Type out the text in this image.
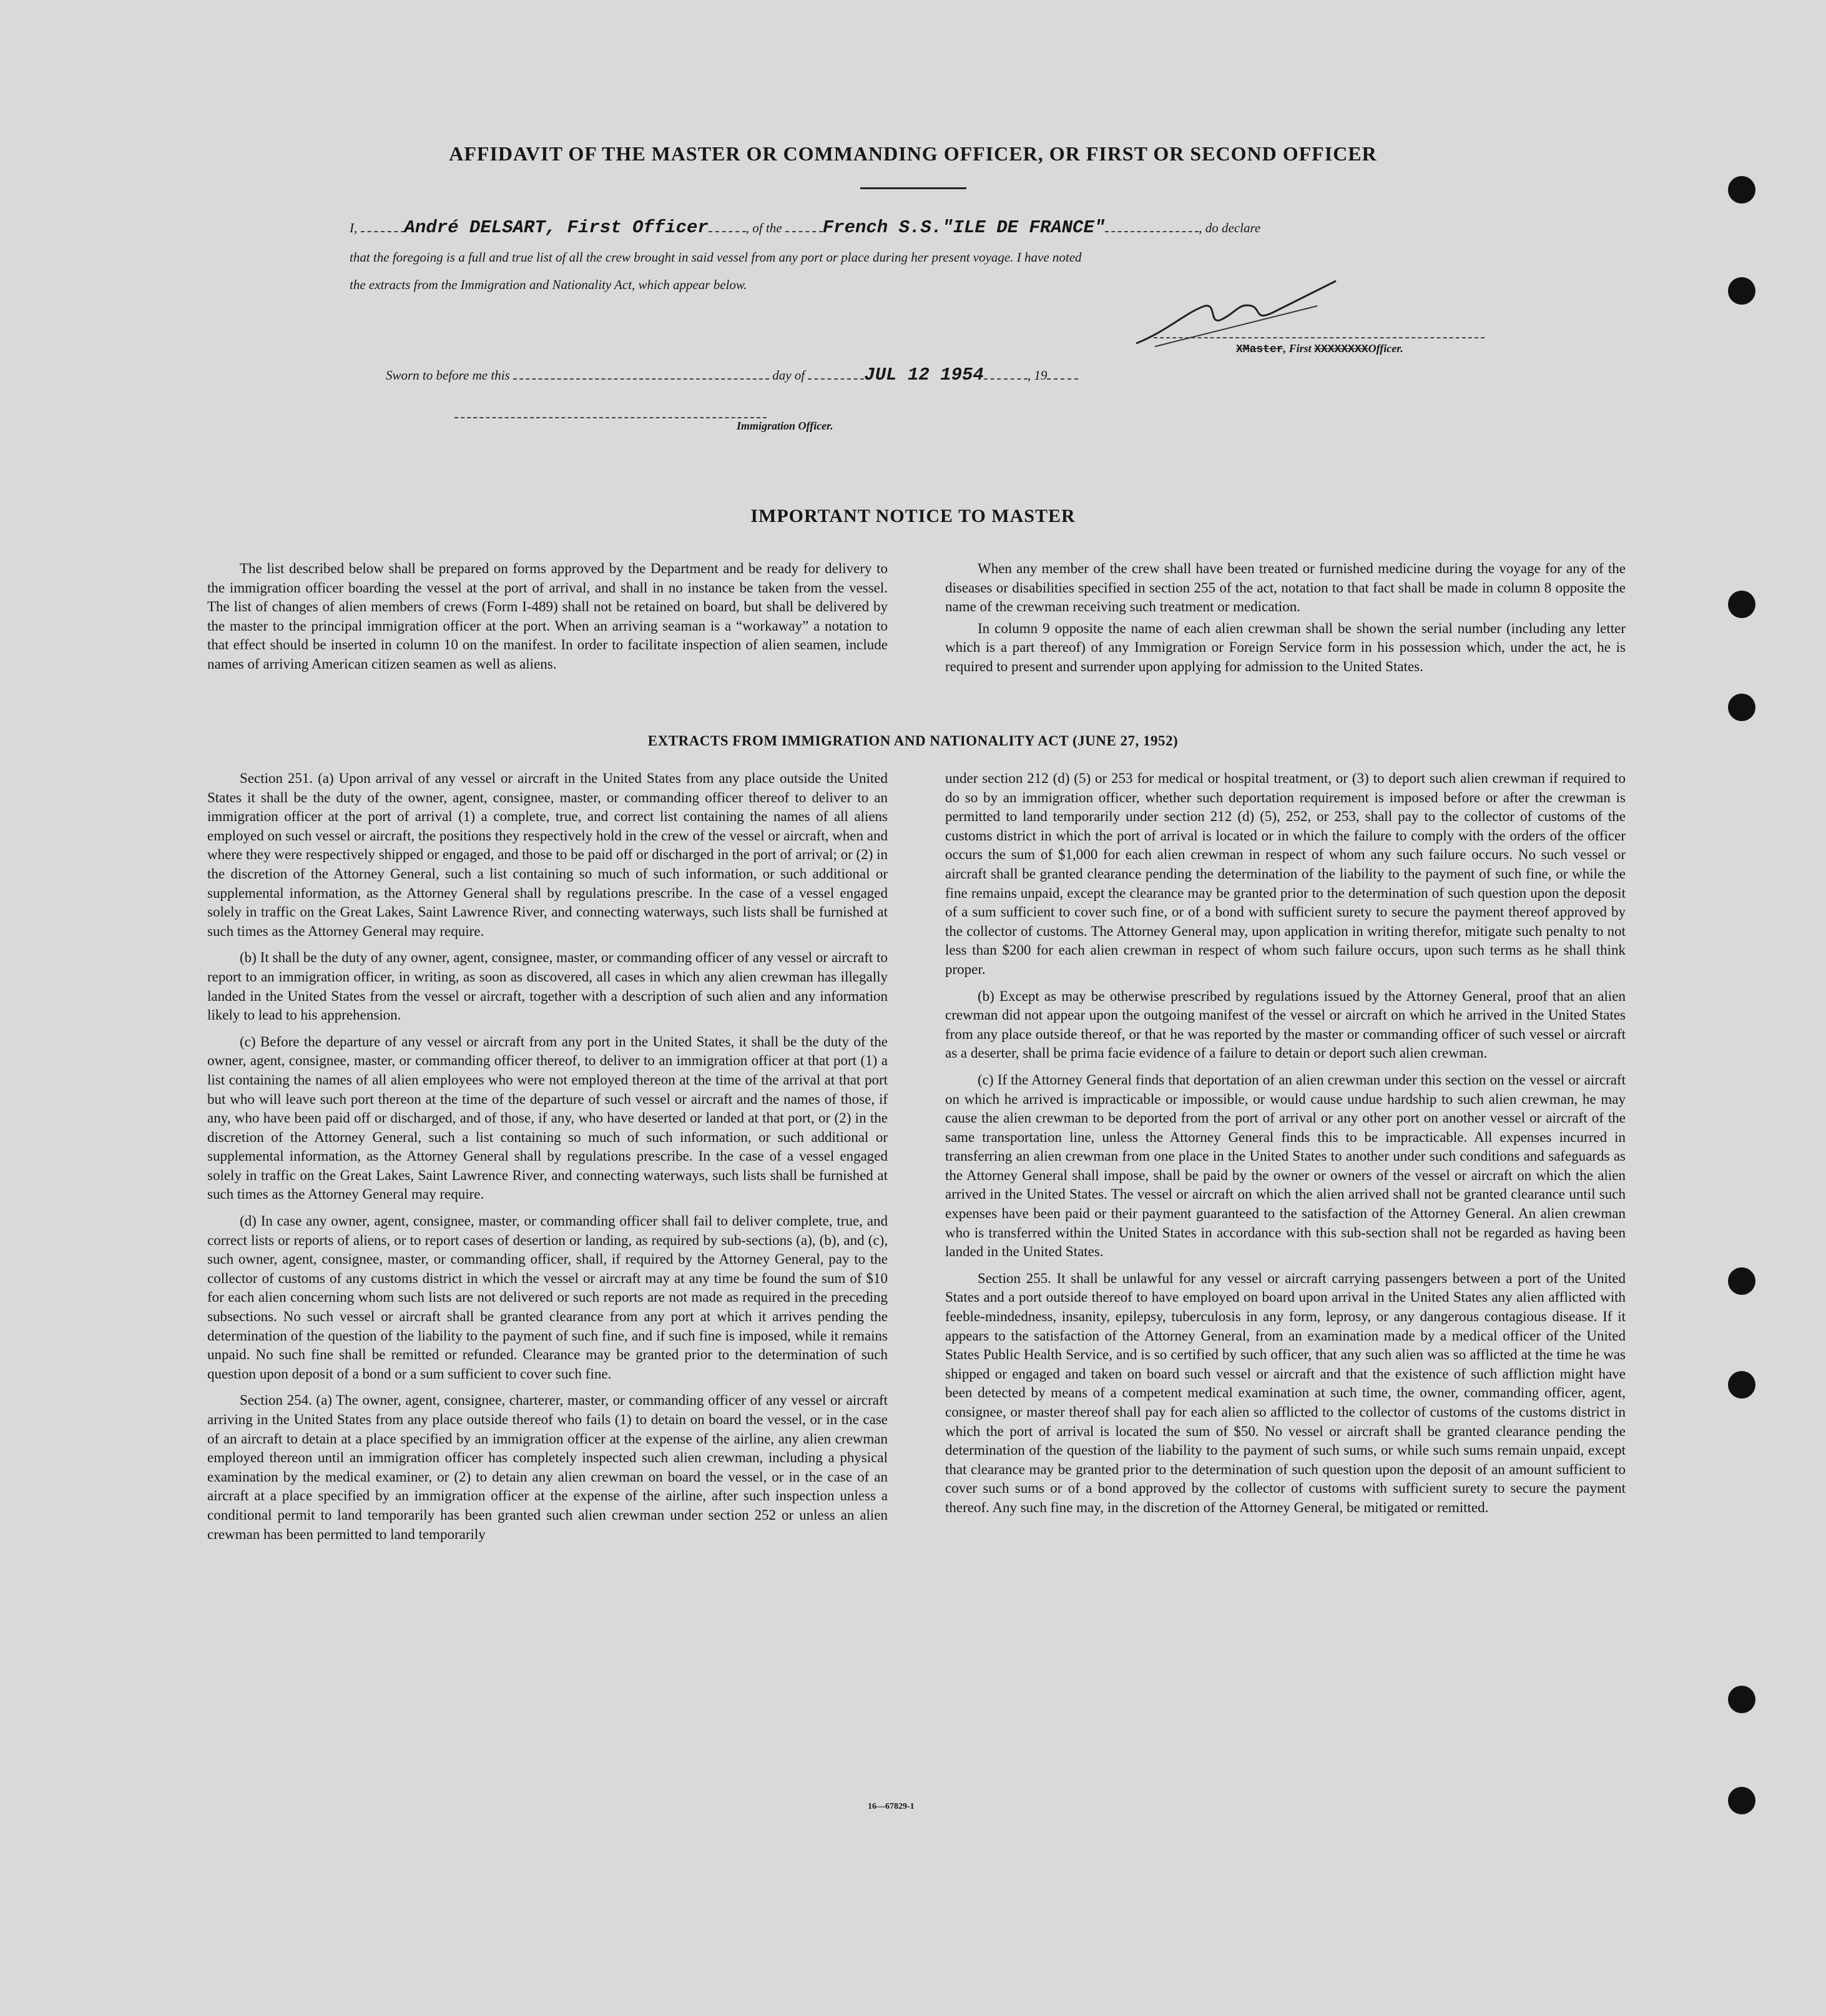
AFFIDAVIT OF THE MASTER OR COMMANDING OFFICER, OR FIRST OR SECOND OFFICER
I,	André DELSART, First Officer	, of the French S.S."ILE DE FRANCE"	, do declare
that the foregoing is a full and true list of all the crew brought in said vessel from any port or place during her present voyage. I have noted
the extracts from the Immigration and Nationality Act, which appear below.
XMaster, First XXXXXXXXOfficer.
Sworn to before me this	day of	JUL 12 1954	, 19
Immigration Officer.
IMPORTANT NOTICE TO MASTER

The list described below shall be prepared on forms approved by the Department and be ready for delivery to the immigration officer boarding the vessel at the port of arrival, and shall in no instance be taken from the vessel. The list of changes of alien members of crews (Form I-489) shall not be retained on board, but shall be delivered by the master to the principal immigration officer at the port. When an arriving seaman is a “workaway” a notation to that effect should be inserted in column 10 on the manifest. In order to facilitate inspection of alien seamen, include names of arriving American citizen seamen as well as aliens.

When any member of the crew shall have been treated or furnished medicine during the voyage for any of the diseases or disabilities specified in section 255 of the act, notation to that fact shall be made in column 8 opposite the name of the crewman receiving such treatment or medication.

In column 9 opposite the name of each alien crewman shall be shown the serial number (including any letter which is a part thereof) of any Immigration or Foreign Service form in his possession which, under the act, he is required to present and surrender upon applying for admission to the United States.

EXTRACTS FROM IMMIGRATION AND NATIONALITY ACT (JUNE 27, 1952)

Section 251. (a) Upon arrival of any vessel or aircraft in the United States from any place outside the United States it shall be the duty of the owner, agent, consignee, master, or commanding officer thereof to deliver to an immigration officer at the port of arrival (1) a complete, true, and correct list containing the names of all aliens employed on such vessel or aircraft, the positions they respectively hold in the crew of the vessel or aircraft, when and where they were respectively shipped or engaged, and those to be paid off or discharged in the port of arrival; or (2) in the discretion of the Attorney General, such a list containing so much of such information, or such additional or supplemental information, as the Attorney General shall by regulations prescribe. In the case of a vessel engaged solely in traffic on the Great Lakes, Saint Lawrence River, and connecting waterways, such lists shall be furnished at such times as the Attorney General may require.

(b) It shall be the duty of any owner, agent, consignee, master, or commanding officer of any vessel or aircraft to report to an immigration officer, in writing, as soon as discovered, all cases in which any alien crewman has illegally landed in the United States from the vessel or aircraft, together with a description of such alien and any information likely to lead to his apprehension.

(c) Before the departure of any vessel or aircraft from any port in the United States, it shall be the duty of the owner, agent, consignee, master, or commanding officer thereof, to deliver to an immigration officer at that port (1) a list containing the names of all alien employees who were not employed thereon at the time of the arrival at that port but who will leave such port thereon at the time of the departure of such vessel or aircraft and the names of those, if any, who have been paid off or discharged, and of those, if any, who have deserted or landed at that port, or (2) in the discretion of the Attorney General, such a list containing so much of such information, or such additional or supplemental information, as the Attorney General shall by regulations prescribe. In the case of a vessel engaged solely in traffic on the Great Lakes, Saint Lawrence River, and connecting waterways, such lists shall be furnished at such times as the Attorney General may require.

(d) In case any owner, agent, consignee, master, or commanding officer shall fail to deliver complete, true, and correct lists or reports of aliens, or to report cases of desertion or landing, as required by sub-sections (a), (b), and (c), such owner, agent, consignee, master, or commanding officer, shall, if required by the Attorney General, pay to the collector of customs of any customs district in which the vessel or aircraft may at any time be found the sum of $10 for each alien concerning whom such lists are not delivered or such reports are not made as required in the preceding subsections. No such vessel or aircraft shall be granted clearance from any port at which it arrives pending the determination of the question of the liability to the payment of such fine, and if such fine is imposed, while it remains unpaid. No such fine shall be remitted or refunded. Clearance may be granted prior to the determination of such question upon deposit of a bond or a sum sufficient to cover such fine.

Section 254. (a) The owner, agent, consignee, charterer, master, or commanding officer of any vessel or aircraft arriving in the United States from any place outside thereof who fails (1) to detain on board the vessel, or in the case of an aircraft to detain at a place specified by an immigration officer at the expense of the airline, any alien crewman employed thereon until an immigration officer has completely inspected such alien crewman, including a physical examination by the medical examiner, or (2) to detain any alien crewman on board the vessel, or in the case of an aircraft at a place specified by an immigration officer at the expense of the airline, after such inspection unless a conditional permit to land temporarily has been granted such alien crewman under section 252 or unless an alien crewman has been permitted to land temporarily

under section 212 (d) (5) or 253 for medical or hospital treatment, or (3) to deport such alien crewman if required to do so by an immigration officer, whether such deportation requirement is imposed before or after the crewman is permitted to land temporarily under section 212 (d) (5), 252, or 253, shall pay to the collector of customs of the customs district in which the port of arrival is located or in which the failure to comply with the orders of the officer occurs the sum of $1,000 for each alien crewman in respect of whom any such failure occurs. No such vessel or aircraft shall be granted clearance pending the determination of the liability to the payment of such fine, or while the fine remains unpaid, except the clearance may be granted prior to the determination of such question upon the deposit of a sum sufficient to cover such fine, or of a bond with sufficient surety to secure the payment thereof approved by the collector of customs. The Attorney General may, upon application in writing therefor, mitigate such penalty to not less than $200 for each alien crewman in respect of whom such failure occurs, upon such terms as he shall think proper.

(b) Except as may be otherwise prescribed by regulations issued by the Attorney General, proof that an alien crewman did not appear upon the outgoing manifest of the vessel or aircraft on which he arrived in the United States from any place outside thereof, or that he was reported by the master or commanding officer of such vessel or aircraft as a deserter, shall be prima facie evidence of a failure to detain or deport such alien crewman.

(c) If the Attorney General finds that deportation of an alien crewman under this section on the vessel or aircraft on which he arrived is impracticable or impossible, or would cause undue hardship to such alien crewman, he may cause the alien crewman to be deported from the port of arrival or any other port on another vessel or aircraft of the same transportation line, unless the Attorney General finds this to be impracticable. All expenses incurred in transferring an alien crewman from one place in the United States to another under such conditions and safeguards as the Attorney General shall impose, shall be paid by the owner or owners of the vessel or aircraft on which the alien arrived in the United States. The vessel or aircraft on which the alien arrived shall not be granted clearance until such expenses have been paid or their payment guaranteed to the satisfaction of the Attorney General. An alien crewman who is transferred within the United States in accordance with this sub-section shall not be regarded as having been landed in the United States.

Section 255. It shall be unlawful for any vessel or aircraft carrying passengers between a port of the United States and a port outside thereof to have employed on board upon arrival in the United States any alien afflicted with feeble-mindedness, insanity, epilepsy, tuberculosis in any form, leprosy, or any dangerous contagious disease. If it appears to the satisfaction of the Attorney General, from an examination made by a medical officer of the United States Public Health Service, and is so certified by such officer, that any such alien was so afflicted at the time he was shipped or engaged and taken on board such vessel or aircraft and that the existence of such affliction might have been detected by means of a competent medical examination at such time, the owner, commanding officer, agent, consignee, or master thereof shall pay for each alien so afflicted to the collector of customs of the customs district in which the port of arrival is located the sum of $50. No vessel or aircraft shall be granted clearance pending the determination of the question of the liability to the payment of such sums, or while such sums remain unpaid, except that clearance may be granted prior to the determination of such question upon the deposit of an amount sufficient to cover such sums or of a bond approved by the collector of customs with sufficient surety to secure the payment thereof. Any such fine may, in the discretion of the Attorney General, be mitigated or remitted.

16—67829-1
